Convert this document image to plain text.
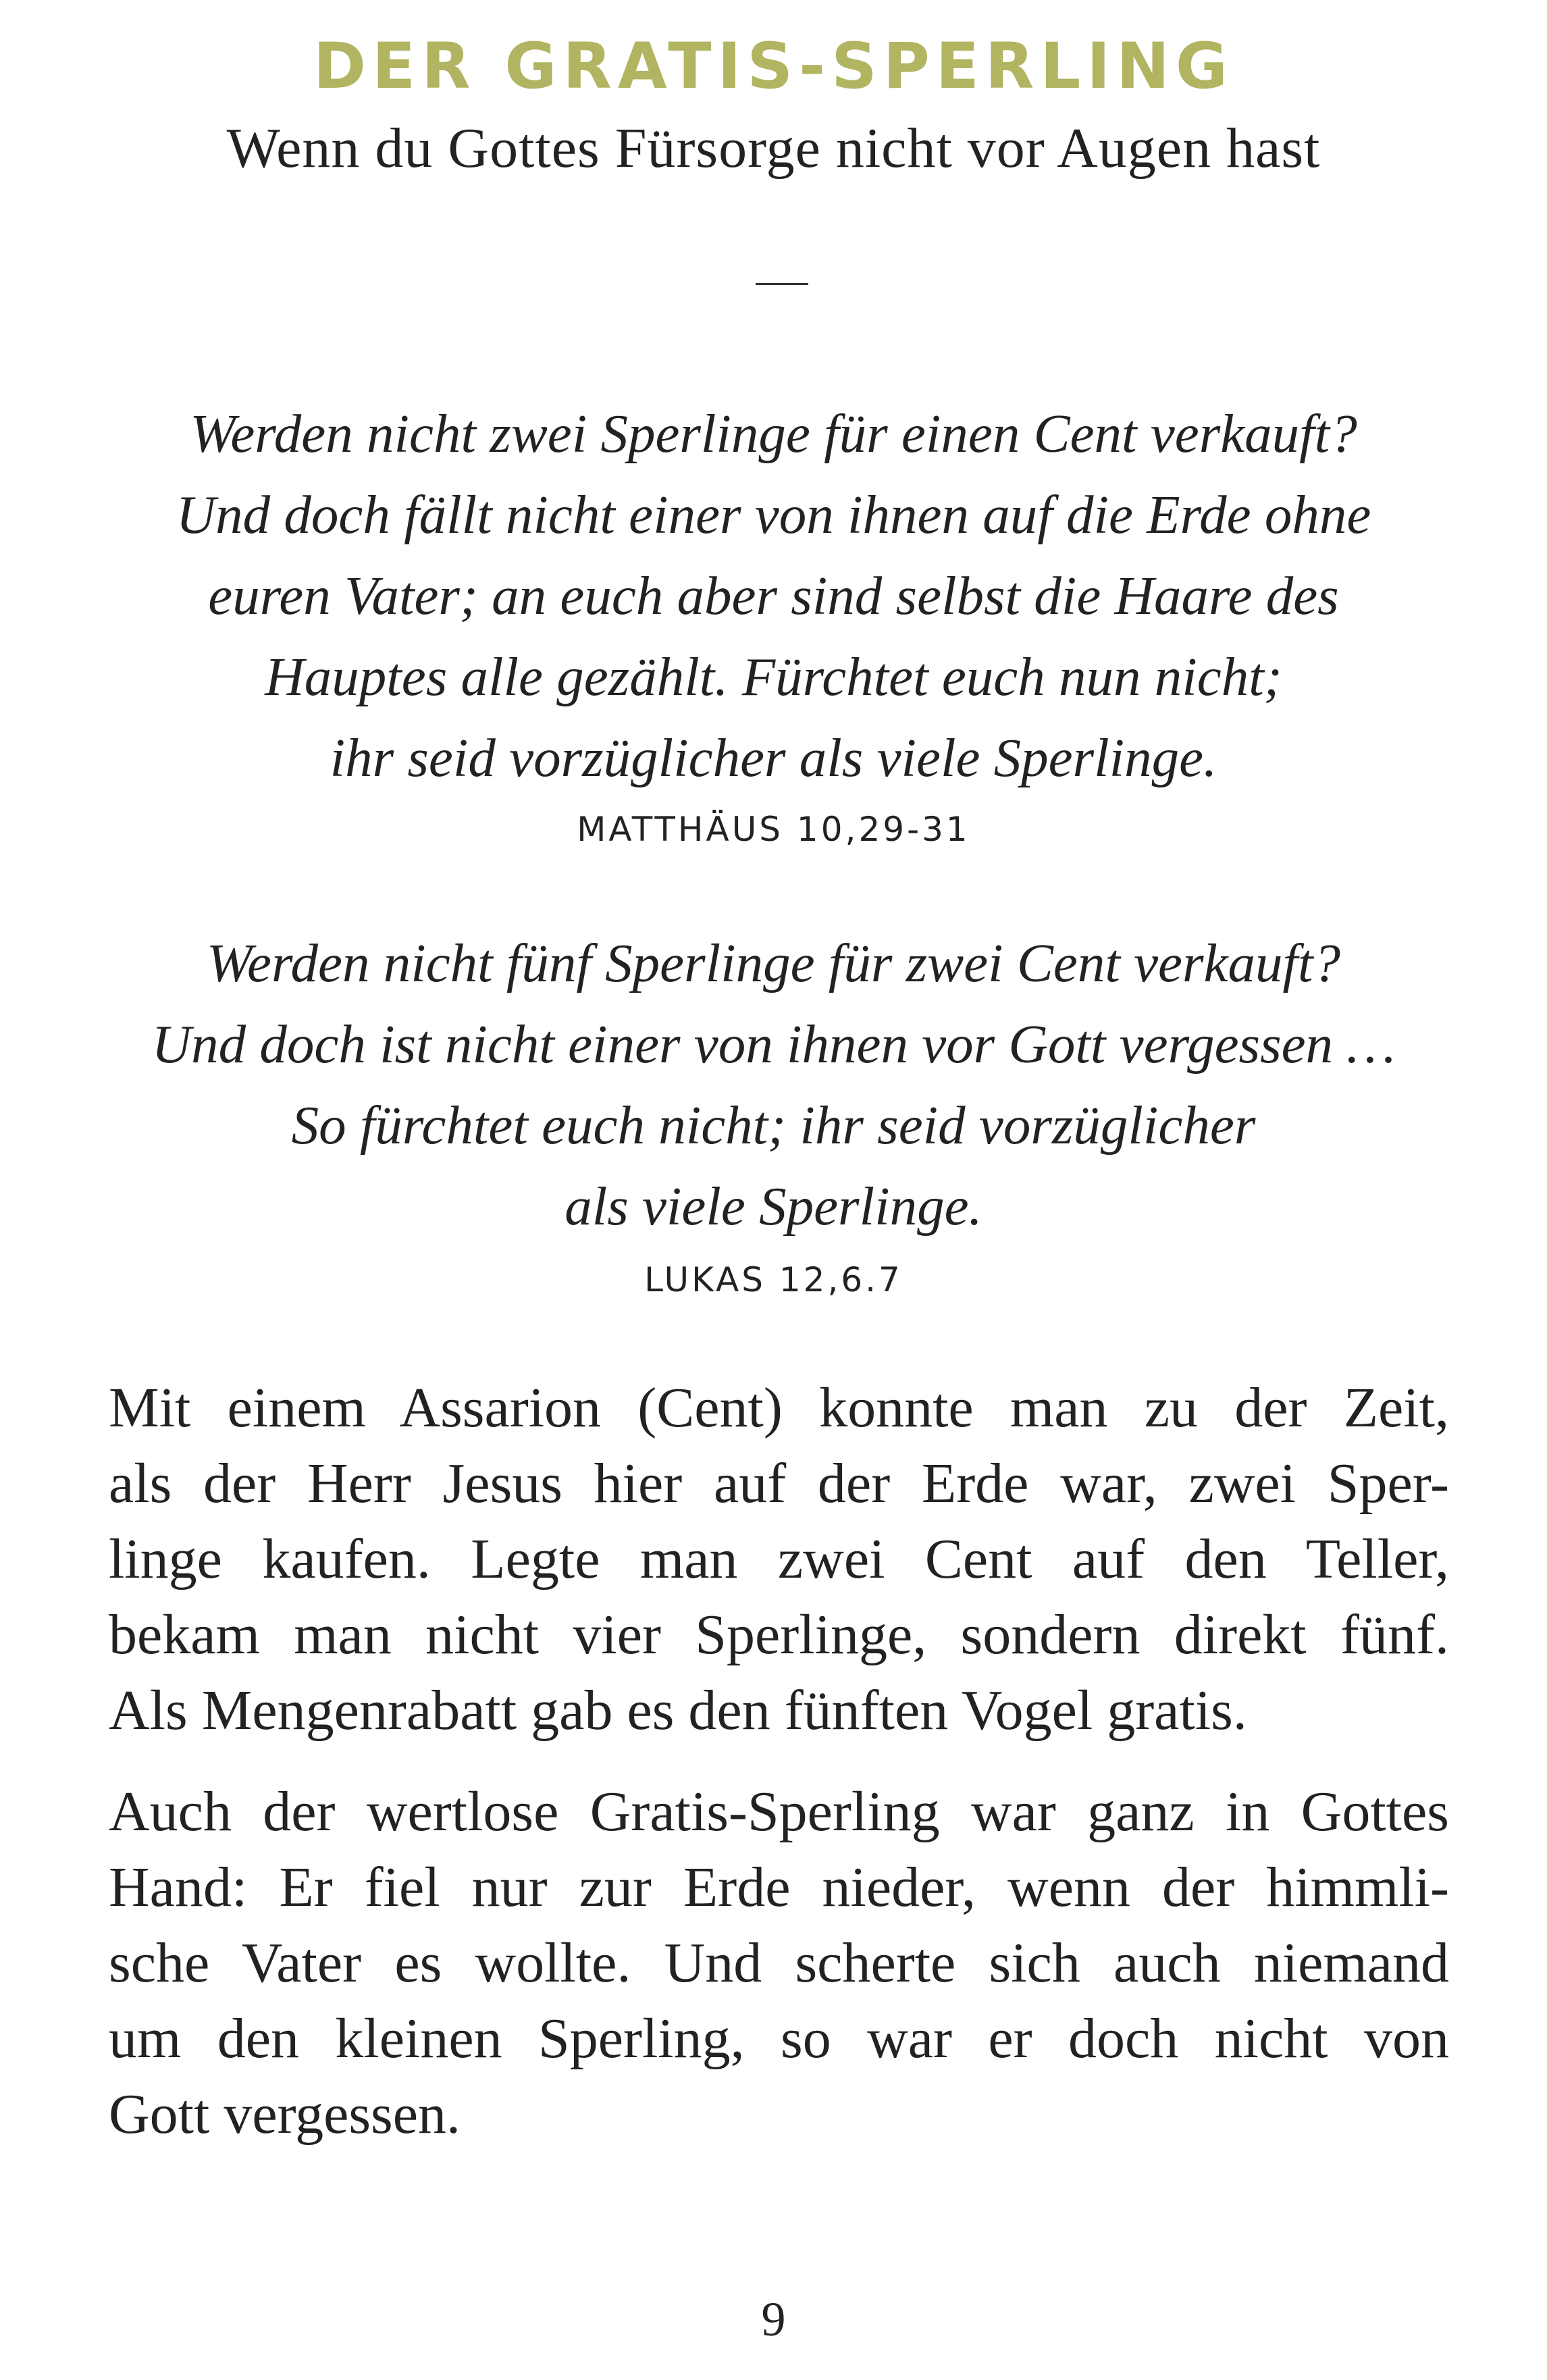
DER GRATIS-SPERLING

Wenn du Gottes Fürsorge nicht vor Augen hast

Werden nicht zwei Sperlinge für einen Cent verkauft?
Und doch fällt nicht einer von ihnen auf die Erde ohne
euren Vater; an euch aber sind selbst die Haare des
Hauptes alle gezählt. Fürchtet euch nun nicht;
ihr seid vorzüglicher als viele Sperlinge.

MATTHÄUS 10,29-31

Werden nicht fünf Sperlinge für zwei Cent verkauft?
Und doch ist nicht einer von ihnen vor Gott vergessen …
So fürchtet euch nicht; ihr seid vorzüglicher
als viele Sperlinge.

LUKAS 12,6.7

Mit einem Assarion (Cent) konnte man zu der Zeit,
als der Herr Jesus hier auf der Erde war, zwei Sper-
linge kaufen. Legte man zwei Cent auf den Teller,
bekam man nicht vier Sperlinge, sondern direkt fünf.
Als Mengenrabatt gab es den fünften Vogel gratis.
Auch der wertlose Gratis-Sperling war ganz in Gottes
Hand: Er fiel nur zur Erde nieder, wenn der himmli-
sche Vater es wollte. Und scherte sich auch niemand
um den kleinen Sperling, so war er doch nicht von
Gott vergessen.

9
